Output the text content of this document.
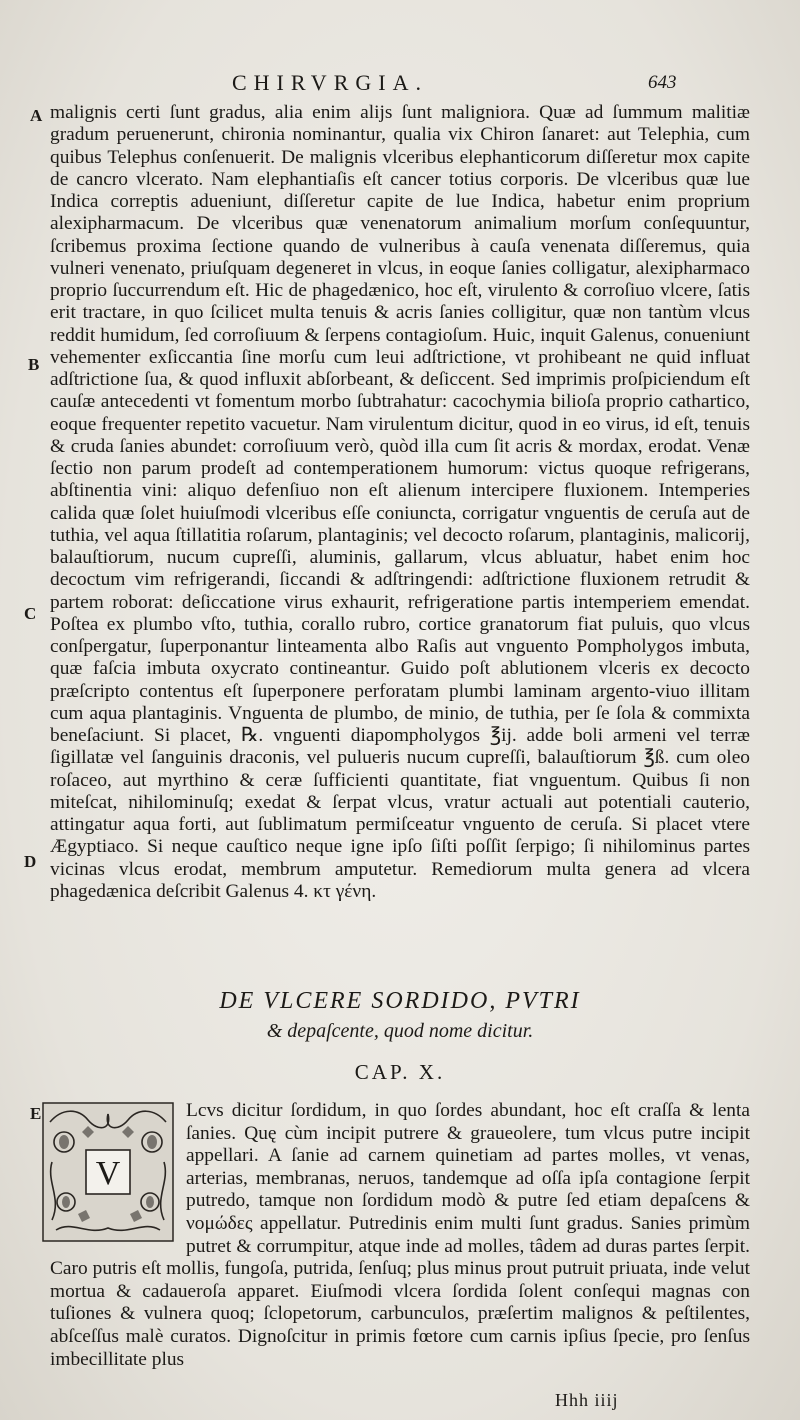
CHIRVRGIA.	643
A
B
C
D
E

malignis certi ſunt gradus, alia enim alijs ſunt maligniora. Quæ ad ſummum malitiæ gradum peruenerunt, chironia nominantur, qualia vix Chiron ſanaret: aut Telephia, cum quibus Telephus conſenuerit. De malignis vlceribus elephanticorum diſſeretur mox capite de cancro vlcerato. Nam elephantiaſis eſt cancer totius corporis. De vlceribus quæ lue Indica correptis adueniunt, diſſeretur capite de lue Indica, habetur enim proprium alexipharmacum. De vlceribus quæ venenatorum animalium morſum conſequuntur, ſcribemus proxima ſectione quando de vulneribus à cauſa venenata diſſeremus, quia vulneri venenato, priuſquam degeneret in vlcus, in eoque ſanies colligatur, alexipharmaco proprio ſuccurrendum eſt. Hic de phagedænico, hoc eſt, virulento & corroſiuo vlcere, ſatis erit tractare, in quo ſcilicet multa tenuis & acris ſanies colligitur, quæ non tantùm vlcus reddit humidum, ſed corroſiuum & ſerpens contagioſum. Huic, inquit Galenus, conueniunt vehementer exſiccantia ſine morſu cum leui adſtrictione, vt prohibeant ne quid influat adſtrictione ſua, & quod influxit abſorbeant, & deſiccent. Sed imprimis proſpiciendum eſt cauſæ antecedenti vt fomentum morbo ſubtrahatur: cacochymia bilioſa proprio cathartico, eoque frequenter repetito vacuetur. Nam virulentum dicitur, quod in eo virus, id eſt, tenuis & cruda ſanies abundet: corroſiuum verò, quòd illa cum ſit acris & mordax, erodat. Venæ ſectio non parum prodeſt ad contemperationem humorum: victus quoque refrigerans, abſtinentia vini: aliquo defenſiuo non eſt alienum intercipere fluxionem. Intemperies calida quæ ſolet huiuſmodi vlceribus eſſe coniuncta, corrigatur vnguentis de ceruſa aut de tuthia, vel aqua ſtillatitia roſarum, plantaginis; vel decocto roſarum, plantaginis, malicorij, balauſtiorum, nucum cupreſſi, aluminis, gallarum, vlcus abluatur, habet enim hoc decoctum vim refrigerandi, ſiccandi & adſtringendi: adſtrictione fluxionem retrudit & partem roborat: deſiccatione virus exhaurit, refrigeratione partis intemperiem emendat. Poſtea ex plumbo vſto, tuthia, corallo rubro, cortice granatorum fiat puluis, quo vlcus conſpergatur, ſuperponantur linteamenta albo Raſis aut vnguento Pompholygos imbuta, quæ faſcia imbuta oxycrato contineantur. Guido poſt ablutionem vlceris ex decocto præſcripto contentus eſt ſuperponere perforatam plumbi laminam argento-viuo illitam cum aqua plantaginis. Vnguenta de plumbo, de minio, de tuthia, per ſe ſola & commixta beneſaciunt. Si placet, ℞. vnguenti diapompholygos ℥ij. adde boli armeni vel terræ ſigillatæ vel ſanguinis draconis, vel pulueris nucum cupreſſi, balauſtiorum ℥ß. cum oleo roſaceo, aut myrthino & ceræ ſufficienti quantitate, fiat vnguentum. Quibus ſi non miteſcat, nihilominuſq; exedat & ſerpat vlcus, vratur actuali aut potentiali cauterio, attingatur aqua forti, aut ſublimatum permiſceatur vnguento de ceruſa. Si placet vtere Ægyptiaco. Si neque cauſtico neque igne ipſo ſiſti poſſit ſerpigo; ſi nihilominus partes vicinas vlcus erodat, membrum amputetur. Remediorum multa genera ad vlcera phagedænica deſcribit Galenus 4. κτ γένη.

DE VLCERE SORDIDO, PVTRI
& depaſcente, quod nome dicitur.
CAP. X.
V
Lcvs dicitur ſordidum, in quo ſordes abundant, hoc eſt craſſa & lenta ſanies. Quę cùm incipit putrere & graueolere, tum vlcus putre incipit appellari. A ſanie ad carnem quinetiam ad partes molles, vt venas, arterias, membranas, neruos, tandemque ad oſſa ipſa contagione ſerpit putredo, tamque non ſordidum modò & putre ſed etiam depaſcens & νομώδες appellatur. Putredinis enim multi ſunt gradus. Sanies primùm putret & corrumpitur, atque inde ad molles, tâdem ad duras partes ſerpit. Caro putris eſt mollis, fungoſa, putrida, ſenſuq; plus minus prout putruit priuata, inde velut mortua & cadaueroſa apparet. Eiuſmodi vlcera ſordida ſolent conſequi magnas con tuſiones & vulnera quoq; ſclopetorum, carbunculos, præſertim malignos & peſtilentes, abſceſſus malè curatos. Dignoſcitur in primis fœtore cum carnis ipſius ſpecie, pro ſenſus imbecillitate plus
Hhh iiij
